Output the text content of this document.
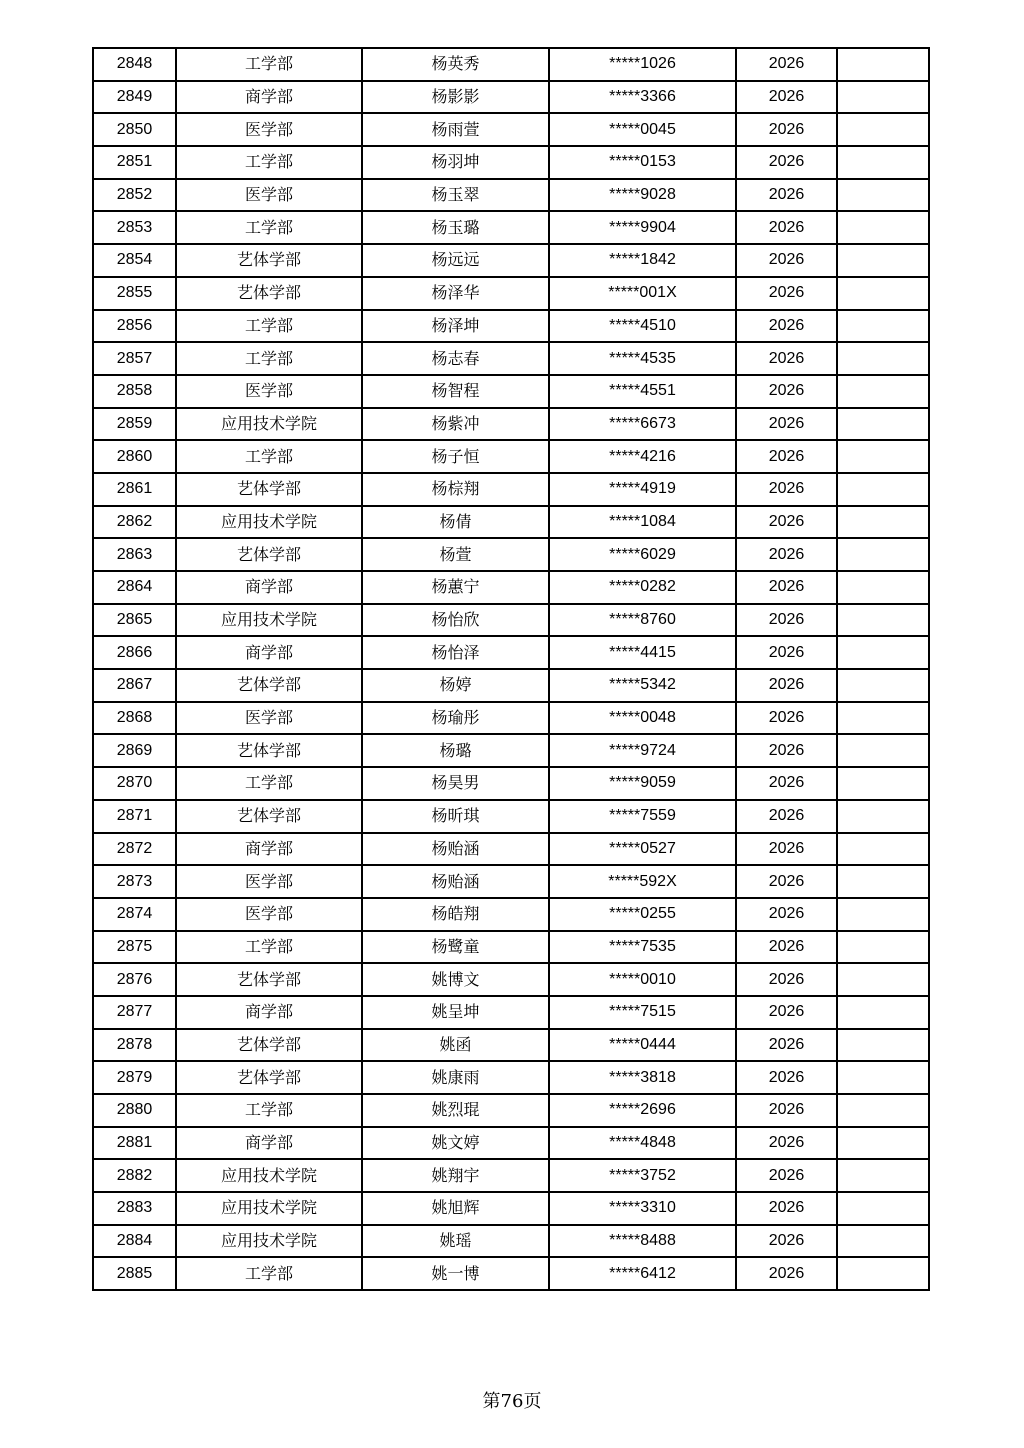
2848	工学部	杨英秀	*****1026	2026	
2849	商学部	杨影影	*****3366	2026	
2850	医学部	杨雨萱	*****0045	2026	
2851	工学部	杨羽坤	*****0153	2026	
2852	医学部	杨玉翠	*****9028	2026	
2853	工学部	杨玉璐	*****9904	2026	
2854	艺体学部	杨远远	*****1842	2026	
2855	艺体学部	杨泽华	*****001X	2026	
2856	工学部	杨泽坤	*****4510	2026	
2857	工学部	杨志春	*****4535	2026	
2858	医学部	杨智程	*****4551	2026	
2859	应用技术学院	杨紫冲	*****6673	2026	
2860	工学部	杨子恒	*****4216	2026	
2861	艺体学部	杨棕翔	*****4919	2026	
2862	应用技术学院	杨倩	*****1084	2026	
2863	艺体学部	杨萱	*****6029	2026	
2864	商学部	杨蕙宁	*****0282	2026	
2865	应用技术学院	杨怡欣	*****8760	2026	
2866	商学部	杨怡泽	*****4415	2026	
2867	艺体学部	杨婷	*****5342	2026	
2868	医学部	杨瑜彤	*****0048	2026	
2869	艺体学部	杨璐	*****9724	2026	
2870	工学部	杨昊男	*****9059	2026	
2871	艺体学部	杨昕琪	*****7559	2026	
2872	商学部	杨贻涵	*****0527	2026	
2873	医学部	杨贻涵	*****592X	2026	
2874	医学部	杨皓翔	*****0255	2026	
2875	工学部	杨鹭童	*****7535	2026	
2876	艺体学部	姚博文	*****0010	2026	
2877	商学部	姚呈坤	*****7515	2026	
2878	艺体学部	姚函	*****0444	2026	
2879	艺体学部	姚康雨	*****3818	2026	
2880	工学部	姚烈琨	*****2696	2026	
2881	商学部	姚文婷	*****4848	2026	
2882	应用技术学院	姚翔宇	*****3752	2026	
2883	应用技术学院	姚旭辉	*****3310	2026	
2884	应用技术学院	姚瑶	*****8488	2026	
2885	工学部	姚一博	*****6412	2026	
第76页
